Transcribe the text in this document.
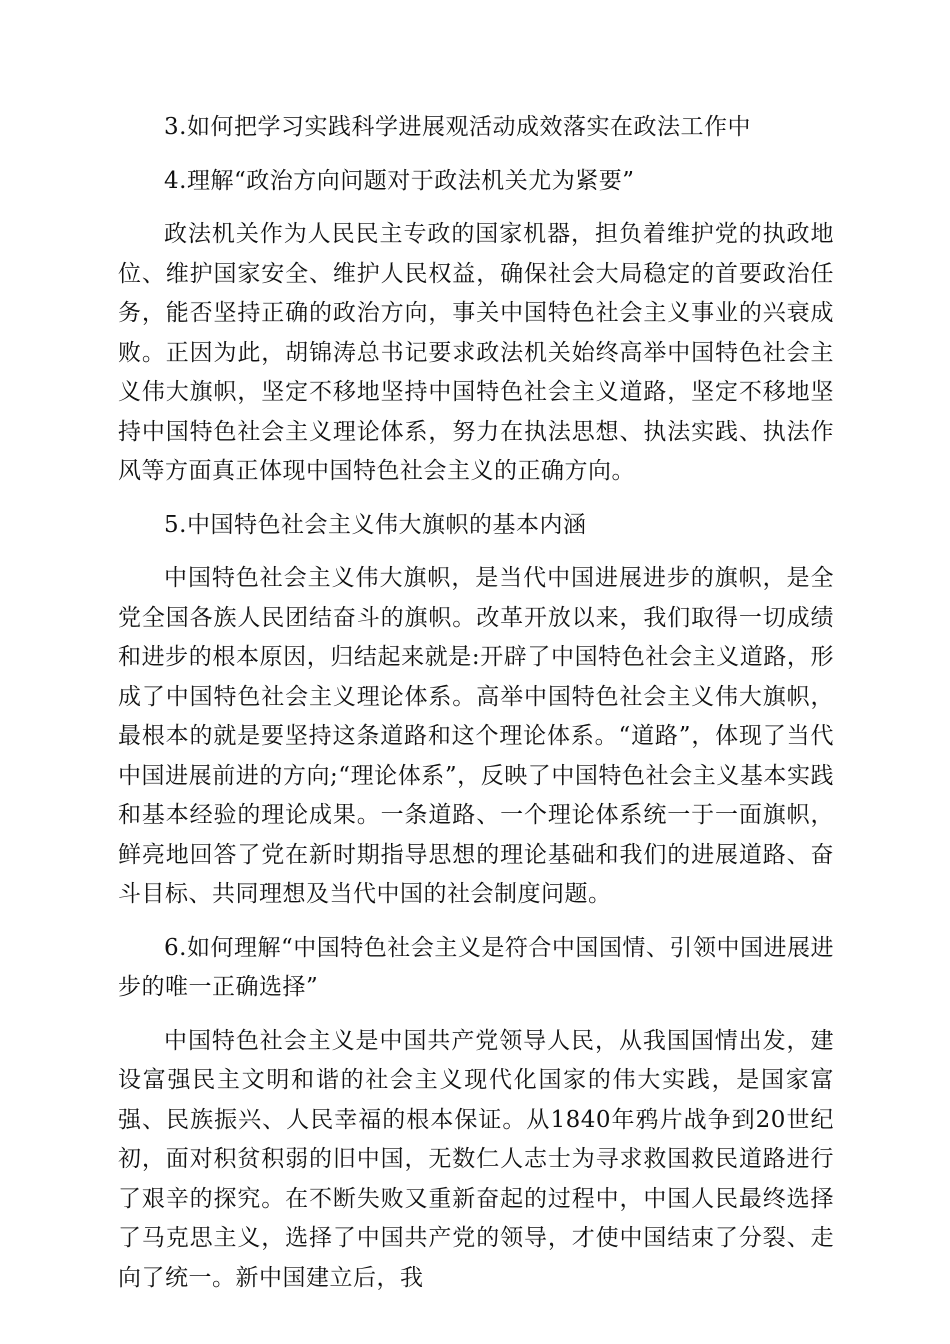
3.如何把学习实践科学进展观活动成效落实在政法工作中

4.理解“政治方向问题对于政法机关尤为紧要”

政法机关作为人民民主专政的国家机器，担负着维护党的执政地位、维护国家安全、维护人民权益，确保社会大局稳定的首要政治任务，能否坚持正确的政治方向，事关中国特色社会主义事业的兴衰成败。正因为此，胡锦涛总书记要求政法机关始终高举中国特色社会主义伟大旗帜，坚定不移地坚持中国特色社会主义道路，坚定不移地坚持中国特色社会主义理论体系，努力在执法思想、执法实践、执法作风等方面真正体现中国特色社会主义的正确方向。

5.中国特色社会主义伟大旗帜的基本内涵

中国特色社会主义伟大旗帜，是当代中国进展进步的旗帜，是全党全国各族人民团结奋斗的旗帜。改革开放以来，我们取得一切成绩和进步的根本原因，归结起来就是:开辟了中国特色社会主义道路，形成了中国特色社会主义理论体系。高举中国特色社会主义伟大旗帜，最根本的就是要坚持这条道路和这个理论体系。“道路”，体现了当代中国进展前进的方向;“理论体系”，反映了中国特色社会主义基本实践和基本经验的理论成果。一条道路、一个理论体系统一于一面旗帜，鲜亮地回答了党在新时期指导思想的理论基础和我们的进展道路、奋斗目标、共同理想及当代中国的社会制度问题。

6.如何理解“中国特色社会主义是符合中国国情、引领中国进展进步的唯一正确选择”

中国特色社会主义是中国共产党领导人民，从我国国情出发，建设富强民主文明和谐的社会主义现代化国家的伟大实践，是国家富强、民族振兴、人民幸福的根本保证。从1840年鸦片战争到20世纪初，面对积贫积弱的旧中国，无数仁人志士为寻求救国救民道路进行了艰辛的探究。在不断失败又重新奋起的过程中，中国人民最终选择了马克思主义，选择了中国共产党的领导，才使中国结束了分裂、走向了统一。新中国建立后，我
